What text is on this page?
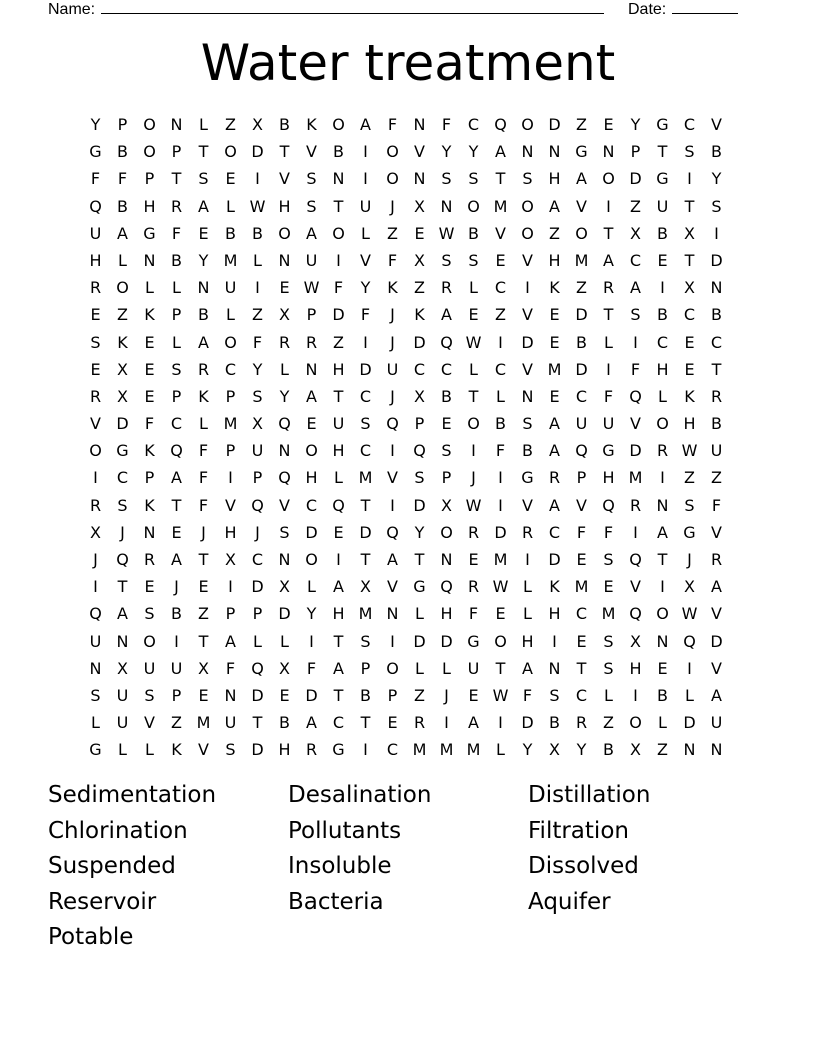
Name:	Date:
Water treatment
Y	P O N	L	Z	X	B	K O A	F	N	F	C Q O D Z	E	Y G C V
G B O P	T O D T	V	B	I	O V	Y	Y	A N N G N	P	T	S	B
F	F	P	T	S	E	I	V	S N	I	O N S	S	T	S H A O D G	I	Y
Q B H R A	L W H S	T	U	J	X N O M O A	V	I	Z U	T	S
U A G	F	E	B	B O A O	L	Z	E W B	V O Z O T	X	B	X	I
H	L	N B	Y M L	N U	I	V	F	X	S	S	E	V H M A C	E	T D
R O	L	L	N U	I	E W F	Y	K	Z R	L	C	I	K	Z R A	I	X N
E	Z	K	P	B	L	Z	X	P	D	F	J	K	A	E	Z	V	E D T	S	B C B
S	K	E	L	A O	F	R R Z	I	J	D Q W	I	D E	B	L	I	C	E	C
E	X	E	S	R C	Y	L	N H D U C C	L	C V M D	I	F	H E	T
R X	E	P	K	P	S	Y	A	T	C	J	X	B	T	L	N E	C	F	Q	L	K	R
V D	F	C	L M X Q E	U	S Q P	E O B	S	A U U V O H B
O G K Q	F	P	U N O H C	I	Q S	I	F	B	A Q G D R W U
I	C	P	A	F	I	P Q H	L M V	S	P	J	I	G R	P	H M	I	Z	Z
R	S	K	T	F	V Q V C Q T	I	D X W	I	V	A	V Q R N S	F
X	J	N E	J	H	J	S D E D Q Y O R D R C	F	F	I	A G V
J	Q R A	T	X C N O	I	T	A	T	N E M	I	D E	S Q T	J	R
I	T	E	J	E	I	D X	L	A	X	V G Q R W L	K M E	V	I	X	A
Q A	S	B	Z	P	P	D Y	H M N	L	H	F	E	L	H C M Q O W V
U N O	I	T	A	L	L	I	T	S	I	D D G O H	I	E	S	X N Q D
N X U U X	F	Q X	F	A	P O	L	L	U	T	A N	T	S H E	I	V
S	U	S	P	E N D E D T	B	P	Z	J	E W F	S	C	L	I	B	L	A
L	U V	Z M U	T	B	A C	T	E	R	I	A	I	D B R Z O	L	D U
G	L	L	K	V	S D H R G	I	C M M M L	Y	X	Y	B	X	Z N N
Sedimentation	Desalination	Distillation
Chlorination	Pollutants	Filtration
Suspended	Insoluble	Dissolved
Reservoir	Bacteria	Aquifer
Potable
